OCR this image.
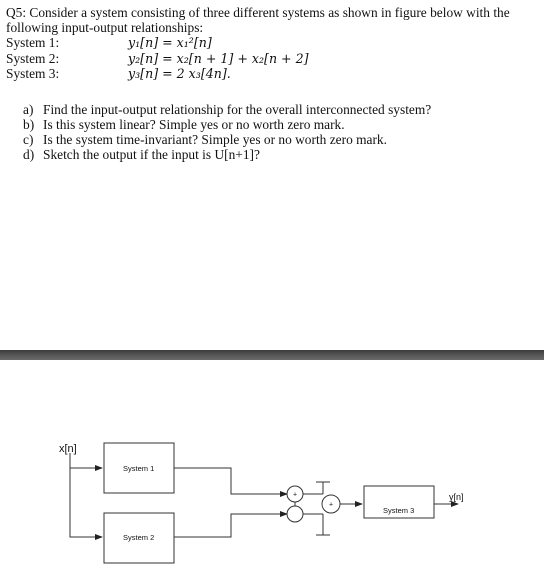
Q5: Consider a system consisting of three different systems as shown in figure below with the
following input-output relationships:
System 1:	y₁[n] = x₁²[n]
System 2:	y₂[n] = x₂[n + 1] + x₂[n + 2]
System 3:	y₃[n] = 2 x₃[4n].
a) Find the input-output relationship for the overall interconnected system?
b) Is this system linear? Simple yes or no worth zero mark.
c) Is the system time-invariant? Simple yes or no worth zero mark.
d) Sketch the output if the input is U[n+1]?
+
+
x[n]
System 1
System 2
System 3
y[n]
